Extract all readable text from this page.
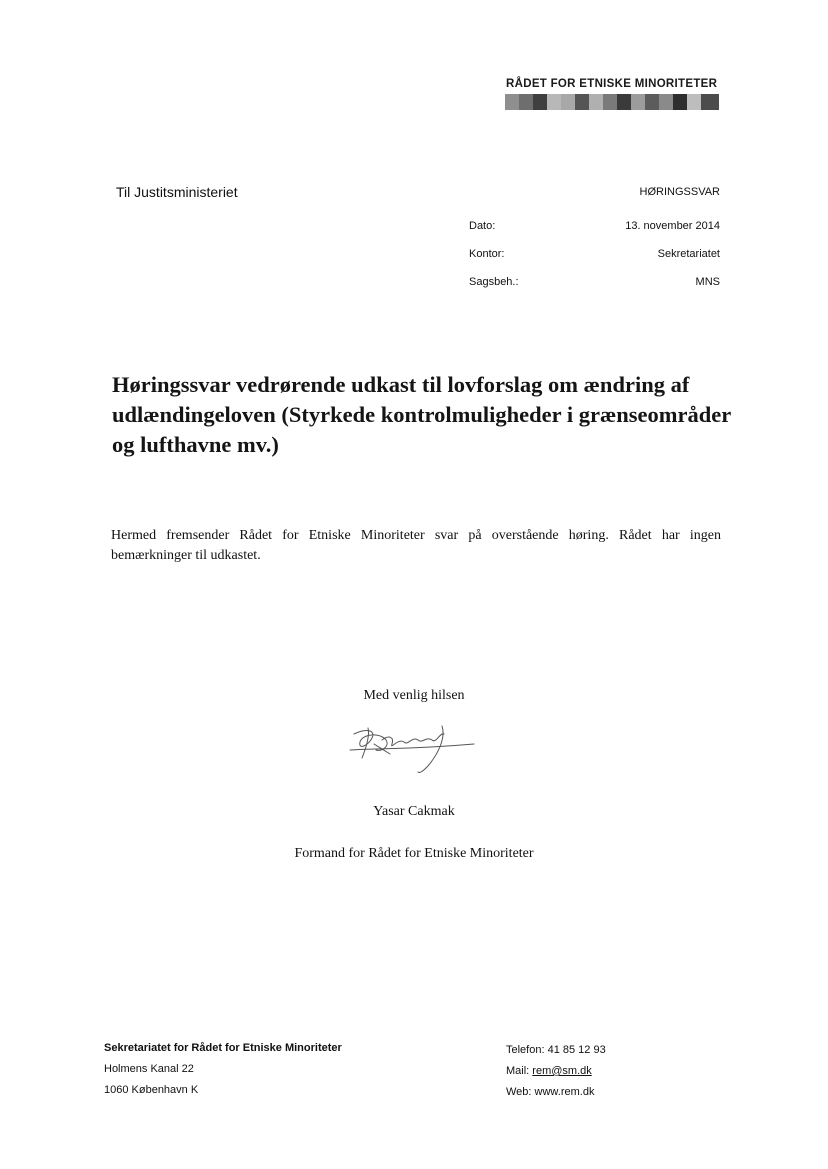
RÅDET FOR ETNISKE MINORITETER
Til Justitsministeriet	HØRINGSSVAR
Dato:	13. november 2014
Kontor:	Sekretariatet
Sagsbeh.:	MNS
Høringssvar vedrørende udkast til lovforslag om ændring af udlændingeloven (Styrkede kontrolmuligheder i grænseområder og lufthavne mv.)
Hermed fremsender Rådet for Etniske Minoriteter svar på overstående høring. Rådet har ingen bemærkninger til udkastet.
Med venlig hilsen
Yasar Cakmak
Formand for Rådet for Etniske Minoriteter
Sekretariatet for Rådet for Etniske Minoriteter
Holmens Kanal 22
1060 København K
Telefon: 41 85 12 93
Mail: rem@sm.dk
Web: www.rem.dk
